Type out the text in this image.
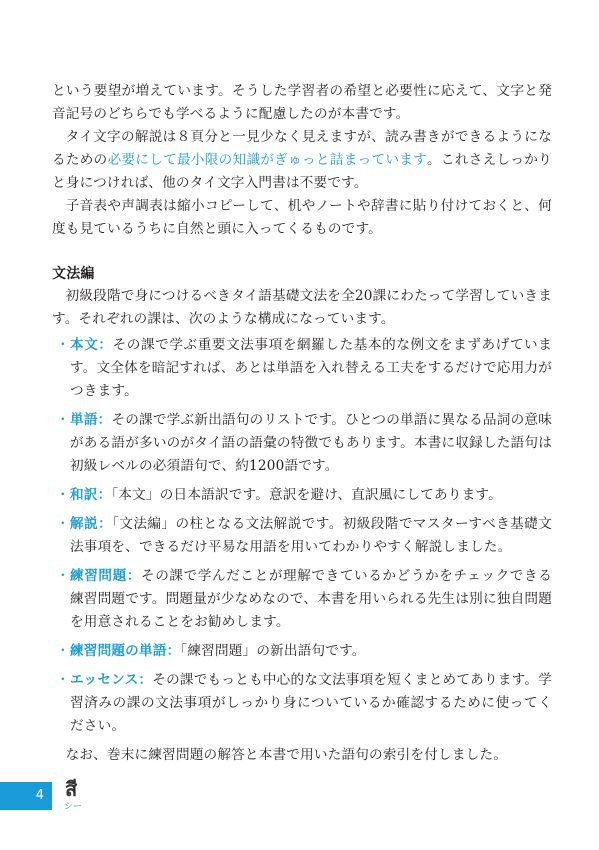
という要望が増えています。そうした学習者の希望と必要性に応えて、文字と発音記号のどちらでも学べるように配慮したのが本書です。

タイ文字の解説は８頁分と一見少なく見えますが、読み書きができるようになるための必要にして最小限の知識がぎゅっと詰まっています。これさえしっかりと身につければ、他のタイ文字入門書は不要です。

子音表や声調表は縮小コピーして、机やノートや辞書に貼り付けておくと、何度も見ているうちに自然と頭に入ってくるものです。

文法編

初級段階で身につけるべきタイ語基礎文法を全20課にわたって学習していきます。それぞれの課は、次のような構成になっています。

・ 本文：その課で学ぶ重要文法事項を網羅した基本的な例文をまずあげています。文全体を暗記すれば、あとは単語を入れ替える工夫をするだけで応用力がつきます。
・ 単語：その課で学ぶ新出語句のリストです。ひとつの単語に異なる品詞の意味がある語が多いのがタイ語の語彙の特徴でもあります。本書に収録した語句は初級レベルの必須語句で、約1200語です。
・ 和訳：「本文」の日本語訳です。意訳を避け、直訳風にしてあります。
・ 解説：「文法編」の柱となる文法解説です。初級段階でマスターすべき基礎文法事項を、できるだけ平易な用語を用いてわかりやすく解説しました。
・ 練習問題：その課で学んだことが理解できているかどうかをチェックできる練習問題です。問題量が少なめなので、本書を用いられる先生は別に独自問題を用意されることをお勧めします。
・ 練習問題の単語：「練習問題」の新出語句です。
・ エッセンス：その課でもっとも中心的な文法事項を短くまとめてあります。学習済みの課の文法事項がしっかり身についているか確認するために使ってください。

なお、巻末に練習問題の解答と本書で用いた語句の索引を付しました。

4	สี
シー
